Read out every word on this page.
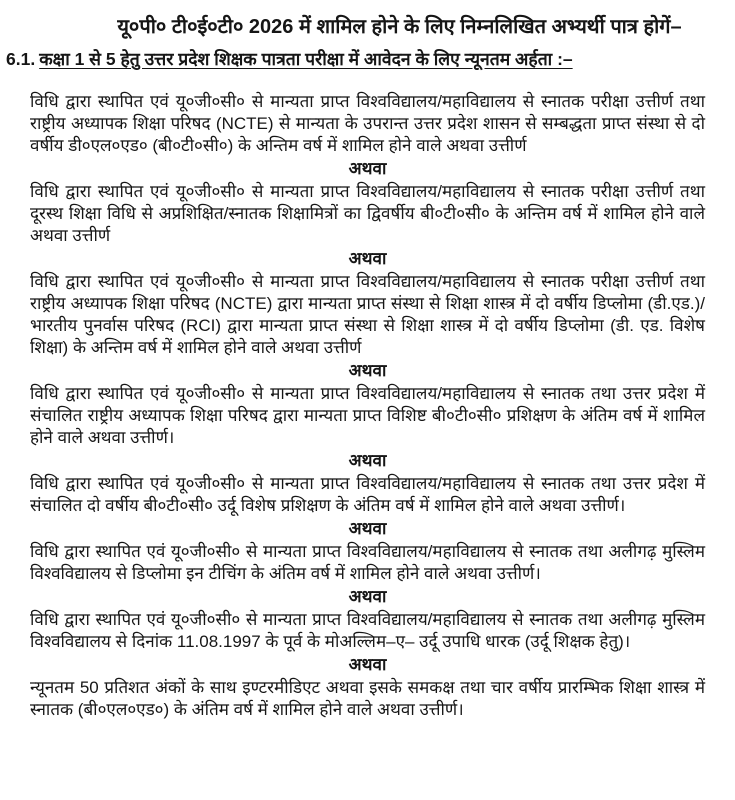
यू०पी० टी०ई०टी० 2026 में शामिल होने के लिए निम्नलिखित अभ्यर्थी पात्र होगें–
6.1. कक्षा 1 से 5 हेतु उत्तर प्रदेश शिक्षक पात्रता परीक्षा में आवेदन के लिए न्यूनतम अर्हता :–

विधि द्वारा स्थापित एवं यू०जी०सी० से मान्यता प्राप्त विश्वविद्यालय/महाविद्यालय से स्नातक परीक्षा उत्तीर्ण तथा राष्ट्रीय अध्यापक शिक्षा परिषद (NCTE) से मान्यता के उपरान्त उत्तर प्रदेश शासन से सम्बद्धता प्राप्त संस्था से दो वर्षीय डी०एल०एड० (बी०टी०सी०) के अन्तिम वर्ष में शामिल होने वाले अथवा उत्तीर्ण

अथवा

विधि द्वारा स्थापित एवं यू०जी०सी० से मान्यता प्राप्त विश्वविद्यालय/महाविद्यालय से स्नातक परीक्षा उत्तीर्ण तथा दूरस्थ शिक्षा विधि से अप्रशिक्षित/स्नातक शिक्षामित्रों का द्विवर्षीय बी०टी०सी० के अन्तिम वर्ष में शामिल होने वाले अथवा उत्तीर्ण

अथवा

विधि द्वारा स्थापित एवं यू०जी०सी० से मान्यता प्राप्त विश्वविद्यालय/महाविद्यालय से स्नातक परीक्षा उत्तीर्ण तथा राष्ट्रीय अध्यापक शिक्षा परिषद (NCTE) द्वारा मान्यता प्राप्त संस्था से शिक्षा शास्त्र में दो वर्षीय डिप्लोमा (डी.एड.)/भारतीय पुनर्वास परिषद (RCI) द्वारा मान्यता प्राप्त संस्था से शिक्षा शास्त्र में दो वर्षीय डिप्लोमा (डी. एड. विशेष शिक्षा) के अन्तिम वर्ष में शामिल होने वाले अथवा उत्तीर्ण

अथवा

विधि द्वारा स्थापित एवं यू०जी०सी० से मान्यता प्राप्त विश्वविद्यालय/महाविद्यालय से स्नातक तथा उत्तर प्रदेश में संचालित राष्ट्रीय अध्यापक शिक्षा परिषद द्वारा मान्यता प्राप्त विशिष्ट बी०टी०सी० प्रशिक्षण के अंतिम वर्ष में शामिल होने वाले अथवा उत्तीर्ण।

अथवा

विधि द्वारा स्थापित एवं यू०जी०सी० से मान्यता प्राप्त विश्वविद्यालय/महाविद्यालय से स्नातक तथा उत्तर प्रदेश में संचालित दो वर्षीय बी०टी०सी० उर्दू विशेष प्रशिक्षण के अंतिम वर्ष में शामिल होने वाले अथवा उत्तीर्ण।

अथवा

विधि द्वारा स्थापित एवं यू०जी०सी० से मान्यता प्राप्त विश्वविद्यालय/महाविद्यालय से स्नातक तथा अलीगढ़ मुस्लिम विश्वविद्यालय से डिप्लोमा इन टीचिंग के अंतिम वर्ष में शामिल होने वाले अथवा उत्तीर्ण।

अथवा

विधि द्वारा स्थापित एवं यू०जी०सी० से मान्यता प्राप्त विश्वविद्यालय/महाविद्यालय से स्नातक तथा अलीगढ़ मुस्लिम विश्वविद्यालय से दिनांक 11.08.1997 के पूर्व के मोअल्लिम–ए– उर्दू उपाधि धारक (उर्दू शिक्षक हेतु)।

अथवा

न्यूनतम 50 प्रतिशत अंकों के साथ इण्टरमीडिएट अथवा इसके समकक्ष तथा चार वर्षीय प्रारम्भिक शिक्षा शास्त्र में स्नातक (बी०एल०एड०) के अंतिम वर्ष में शामिल होने वाले अथवा उत्तीर्ण।
